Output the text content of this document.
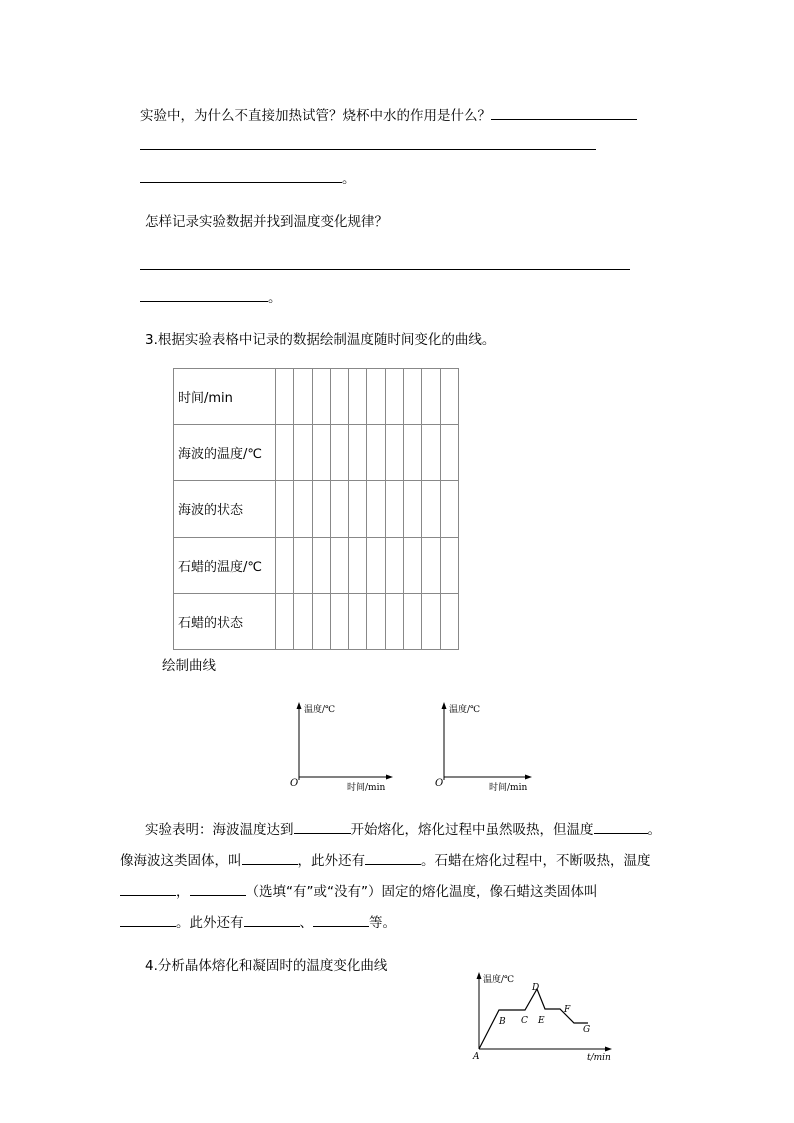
实验中，为什么不直接加热试管？烧杯中水的作用是什么？
。
怎样记录实验数据并找到温度变化规律？
。
3.根据实验表格中记录的数据绘制温度随时间变化的曲线。
时间/min										
海波的温度/℃										
海波的状态										
石蜡的温度/℃										
石蜡的状态										
绘制曲线
温度/℃
时间/min
O
温度/℃
时间/min
O
实验表明：海波温度达到	开始熔化，熔化过程中虽然吸热，但温度	。
像海波这类固体，叫	，此外还有	。石蜡在熔化过程中，不断吸热，温度
，	（选填“有”或“没有”）固定的熔化温度，像石蜡这类固体叫
。此外还有	、	等。
4.分析晶体熔化和凝固时的温度变化曲线
温度/℃
t/min
A
B C
D
E
F
G
